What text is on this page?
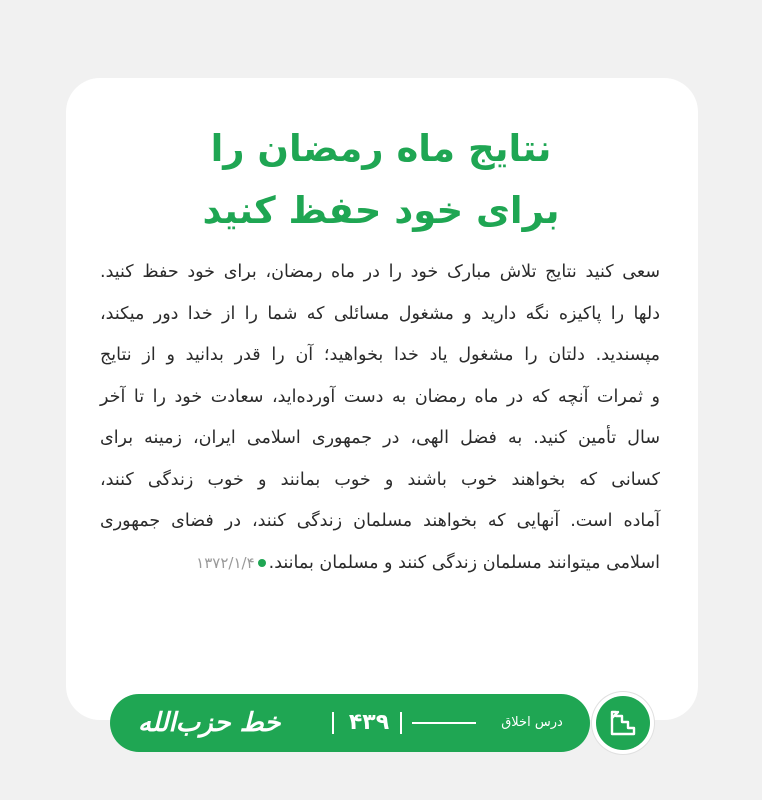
نتایج ماه رمضان را
برای خود حفظ کنید
سعی کنید نتایج تلاش مبارک خود را در ماه رمضان، برای خود حفظ کنید.
دلها را پاکیزه نگه دارید و مشغول مسائلی که شما را از خدا دور میکند،
مپسندید. دلتان را مشغول یاد خدا بخواهید؛ آن را قدر بدانید و از نتایج
و ثمرات آنچه که در ماه رمضان به دست آورده‌اید، سعادت خود را تا آخر
سال تأمین کنید. به فضل الهی، در جمهوری اسلامی ایران، زمینه برای
کسانی که بخواهند خوب باشند و خوب بمانند و خوب زندگی کنند،
آماده است. آنهایی که بخواهند مسلمان زندگی کنند، در فضای جمهوری
اسلامی میتوانند مسلمان زندگی کنند و مسلمان بمانند.۱۳۷۲/۱/۴
خط حزب‌الله	۴۳۹	درس اخلاق
